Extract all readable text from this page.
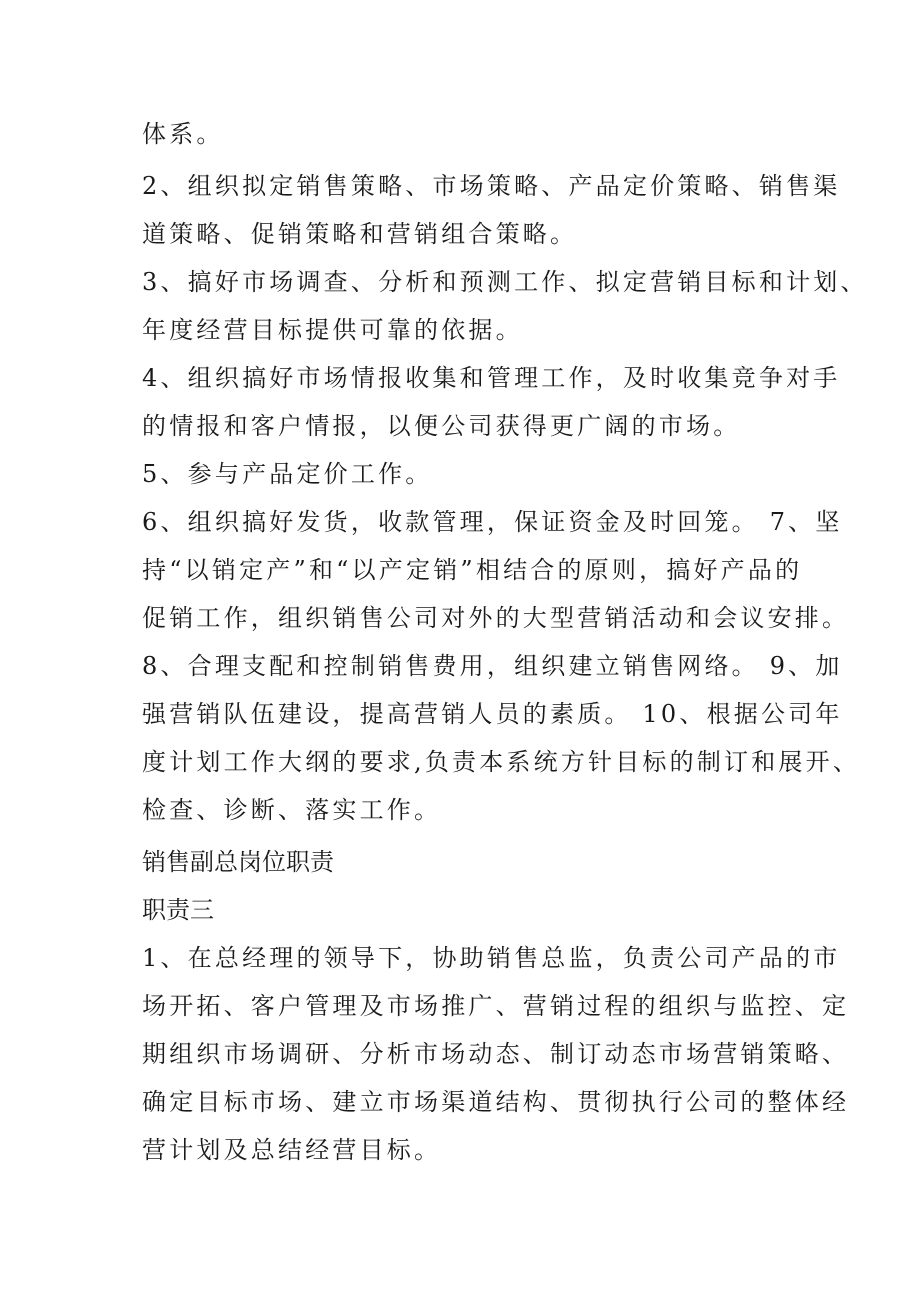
体系。
2、组织拟定销售策略、市场策略、产品定价策略、销售渠
道策略、促销策略和营销组合策略。
3、搞好市场调查、分析和预测工作、拟定营销目标和计划、
年度经营目标提供可靠的依据。
4、组织搞好市场情报收集和管理工作，及时收集竞争对手
的情报和客户情报，以便公司获得更广阔的市场。
5、参与产品定价工作。
6、组织搞好发货，收款管理，保证资金及时回笼。 7、坚
持“以销定产”和“以产定销”相结合的原则，搞好产品的
促销工作，组织销售公司对外的大型营销活动和会议安排。
8、合理支配和控制销售费用，组织建立销售网络。 9、加
强营销队伍建设，提高营销人员的素质。 10、根据公司年
度计划工作大纲的要求,负责本系统方针目标的制订和展开、
检查、诊断、落实工作。
销售副总岗位职责
职责三
1、在总经理的领导下，协助销售总监，负责公司产品的市
场开拓、客户管理及市场推广、营销过程的组织与监控、定
期组织市场调研、分析市场动态、制订动态市场营销策略、
确定目标市场、建立市场渠道结构、贯彻执行公司的整体经
营计划及总结经营目标。
